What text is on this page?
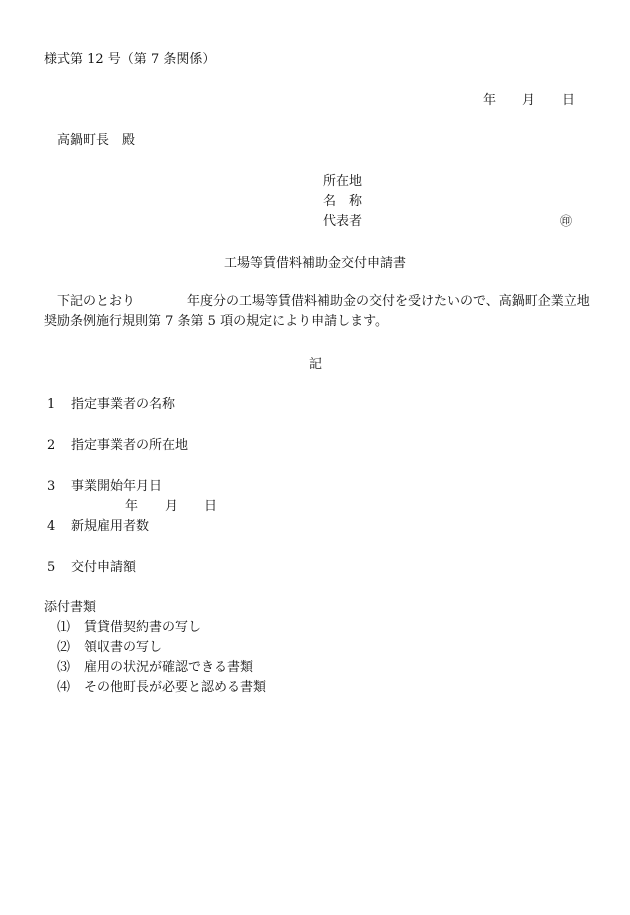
様式第 12 号（第 7 条関係）
年 月 日
高鍋町長　殿
所在地
名　称
代表者	㊞
工場等賃借料補助金交付申請書
下記のとおり	年度分の工場等賃借料補助金の交付を受けたいので、高鍋町企業立地奨励条例施行規則第 7 条第 5 項の規定により申請します。
記
1 指定事業者の名称
2 指定事業者の所在地
3 事業開始年月日
年 月 日
4 新規雇用者数
5 交付申請額
添付書類
⑴ 賃貸借契約書の写し
⑵ 領収書の写し
⑶ 雇用の状況が確認できる書類
⑷ その他町長が必要と認める書類
